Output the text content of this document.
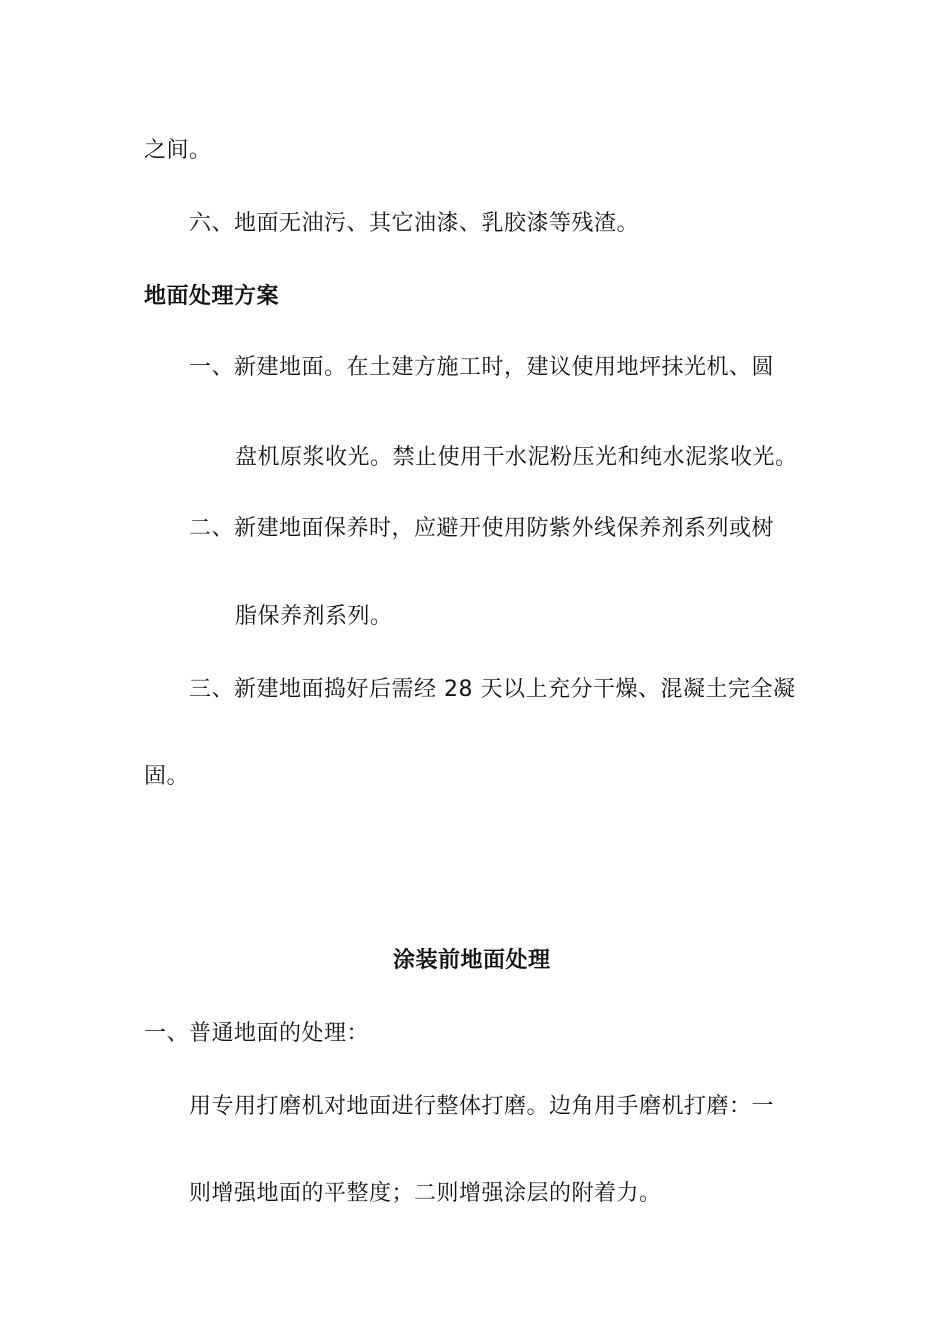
之间。
六、地面无油污、其它油漆、乳胶漆等残渣。
地面处理方案
一、新建地面。在土建方施工时，建议使用地坪抹光机、圆
盘机原浆收光。禁止使用干水泥粉压光和纯水泥浆收光。
二、新建地面保养时，应避开使用防紫外线保养剂系列或树
脂保养剂系列。
三、新建地面捣好后需经 28 天以上充分干燥、混凝土完全凝
固。
涂装前地面处理
一、普通地面的处理：
用专用打磨机对地面进行整体打磨。边角用手磨机打磨：一
则增强地面的平整度；二则增强涂层的附着力。
